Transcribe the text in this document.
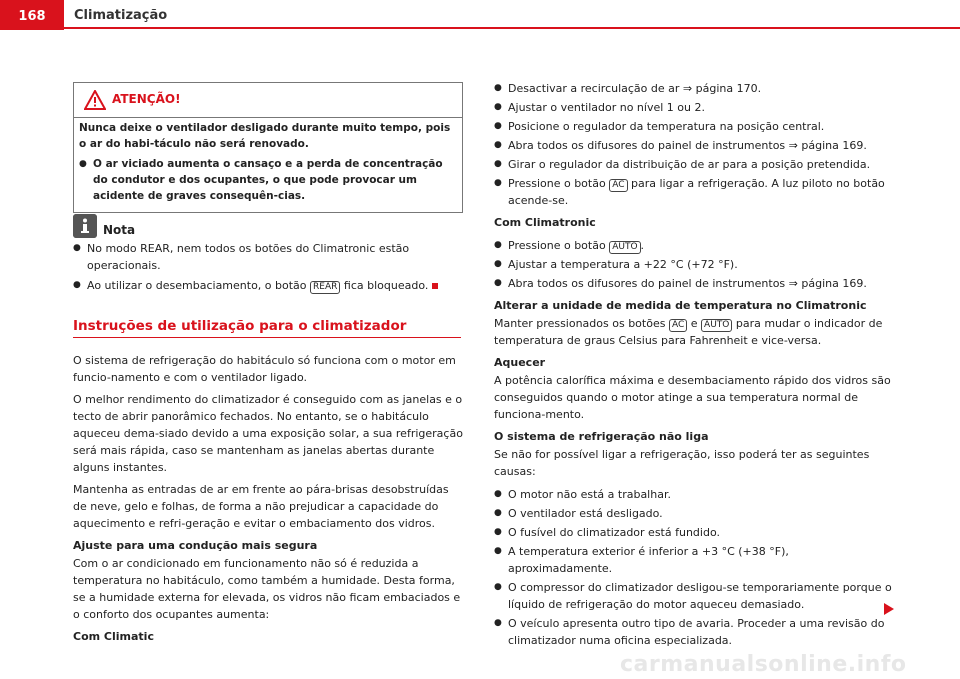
168	Climatização
ATENÇÃO!

Nunca deixe o ventilador desligado durante muito tempo, pois o ar do habi-táculo não será renovado.

● O ar viciado aumenta o cansaço e a perda de concentração do condutor e dos ocupantes, o que pode provocar um acidente de graves consequên-cias.

Nota
● No modo REAR, nem todos os botões do Climatronic estão operacionais.
● Ao utilizar o desembaciamento, o botão REAR fica bloqueado.
Instruções de utilização para o climatizador

O sistema de refrigeração do habitáculo só funciona com o motor em funcio-namento e com o ventilador ligado.

O melhor rendimento do climatizador é conseguido com as janelas e o tecto de abrir panorâmico fechados. No entanto, se o habitáculo aqueceu dema-siado devido a uma exposição solar, a sua refrigeração será mais rápida, caso se mantenham as janelas abertas durante alguns instantes.

Mantenha as entradas de ar em frente ao pára-brisas desobstruídas de neve, gelo e folhas, de forma a não prejudicar a capacidade do aquecimento e refri-geração e evitar o embaciamento dos vidros.

Ajuste para uma condução mais segura

Com o ar condicionado em funcionamento não só é reduzida a temperatura no habitáculo, como também a humidade. Desta forma, se a humidade externa for elevada, os vidros não ficam embaciados e o conforto dos ocupantes aumenta:

Com Climatic

● Desactivar a recirculação de ar ⇒ página 170.
● Ajustar o ventilador no nível 1 ou 2.
● Posicione o regulador da temperatura na posição central.
● Abra todos os difusores do painel de instrumentos ⇒ página 169.
● Girar o regulador da distribuição de ar para a posição pretendida.
● Pressione o botão AC para ligar a refrigeração. A luz piloto no botão acende-se.

Com Climatronic

● Pressione o botão AUTO .
● Ajustar a temperatura a +22 °C (+72 °F).
● Abra todos os difusores do painel de instrumentos ⇒ página 169.

Alterar a unidade de medida de temperatura no Climatronic

Manter pressionados os botões AC e AUTO para mudar o indicador de temperatura de graus Celsius para Fahrenheit e vice-versa.

Aquecer

A potência calorífica máxima e desembaciamento rápido dos vidros são conseguidos quando o motor atinge a sua temperatura normal de funciona-mento.

O sistema de refrigeração não liga

Se não for possível ligar a refrigeração, isso poderá ter as seguintes causas:

● O motor não está a trabalhar.
● O ventilador está desligado.
● O fusível do climatizador está fundido.
● A temperatura exterior é inferior a +3 °C (+38 °F), aproximadamente.
● O compressor do climatizador desligou-se temporariamente porque o líquido de refrigeração do motor aqueceu demasiado.
● O veículo apresenta outro tipo de avaria. Proceder a uma revisão do climatizador numa oficina especializada.
carmanualsonline.info
